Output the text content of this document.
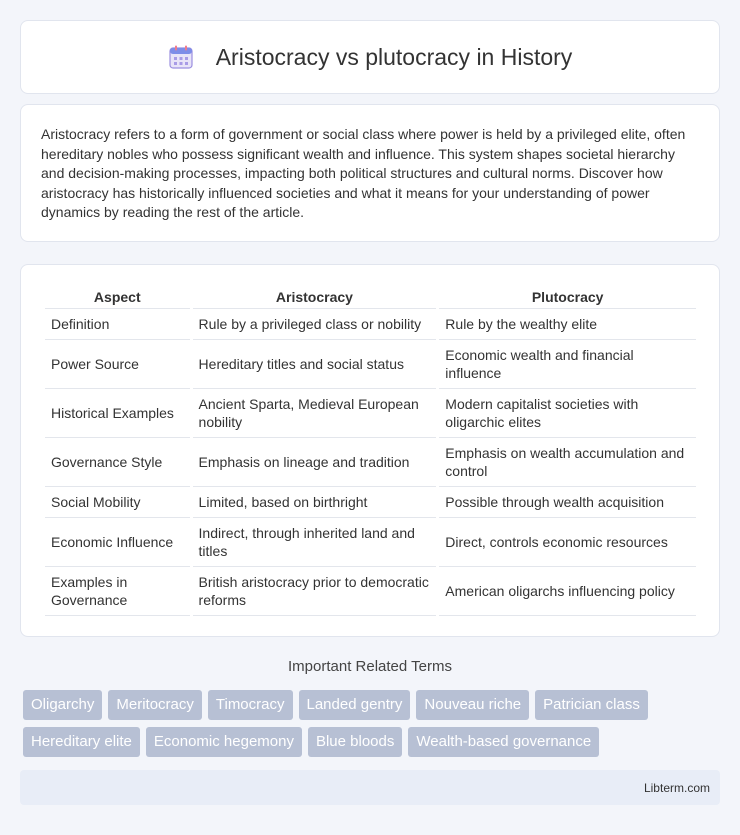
Aristocracy vs plutocracy in History

Aristocracy refers to a form of government or social class where power is held by a privileged elite, often hereditary nobles who possess significant wealth and influence. This system shapes societal hierarchy and decision-making processes, impacting both political structures and cultural norms. Discover how aristocracy has historically influenced societies and what it means for your understanding of power dynamics by reading the rest of the article.

Aspect	Aristocracy	Plutocracy
Definition	Rule by a privileged class or nobility	Rule by the wealthy elite
Power Source	Hereditary titles and social status	Economic wealth and financial influence
Historical Examples	Ancient Sparta, Medieval European nobility	Modern capitalist societies with oligarchic elites
Governance Style	Emphasis on lineage and tradition	Emphasis on wealth accumulation and control
Social Mobility	Limited, based on birthright	Possible through wealth acquisition
Economic Influence	Indirect, through inherited land and titles	Direct, controls economic resources
Examples in Governance	British aristocracy prior to democratic reforms	American oligarchs influencing policy
Important Related Terms
Oligarchy	Meritocracy	Timocracy	Landed gentry	Nouveau riche	Patrician class
Hereditary elite	Economic hegemony	Blue bloods	Wealth-based governance
Libterm.com
